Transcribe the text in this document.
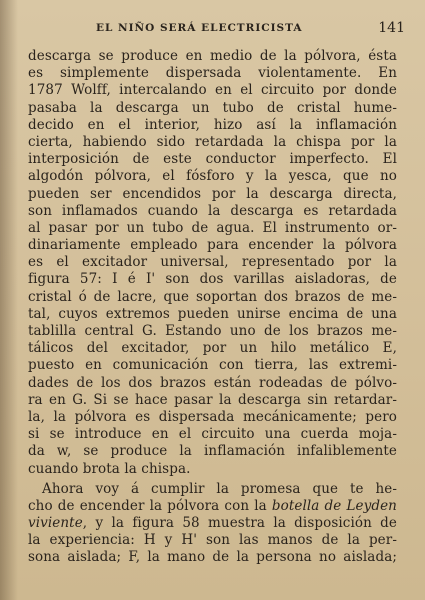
EL NIÑO SERÁ ELECTRICISTA	141
descarga se produce en medio de la pólvora, ésta
es simplemente dispersada violentamente. En
1787 Wolff, intercalando en el circuito por donde
pasaba la descarga un tubo de cristal hume-
decido en el interior, hizo así la inflamación
cierta, habiendo sido retardada la chispa por la
interposición de este conductor imperfecto. El
algodón pólvora, el fósforo y la yesca, que no
pueden ser encendidos por la descarga directa,
son inflamados cuando la descarga es retardada
al pasar por un tubo de agua. El instrumento or-
dinariamente empleado para encender la pólvora
es el excitador universal, representado por la
figura 57: I é I' son dos varillas aisladoras, de
cristal ó de lacre, que soportan dos brazos de me-
tal, cuyos extremos pueden unirse encima de una
tablilla central G. Estando uno de los brazos me-
tálicos del excitador, por un hilo metálico E,
puesto en comunicación con tierra, las extremi-
dades de los dos brazos están rodeadas de pólvo-
ra en G. Si se hace pasar la descarga sin retardar-
la, la pólvora es dispersada mecánicamente; pero
si se introduce en el circuito una cuerda moja-
da w, se produce la inflamación infaliblemente
cuando brota la chispa.
Ahora voy á cumplir la promesa que te he-
cho de encender la pólvora con la botella de Leyden
viviente, y la figura 58 muestra la disposición de
la experiencia: H y H' son las manos de la per-
sona aislada; F, la mano de la persona no aislada;
